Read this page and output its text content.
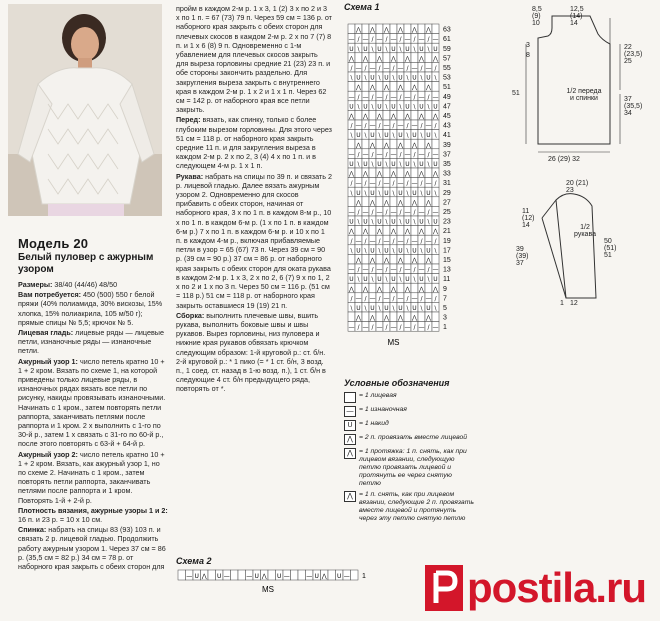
Модель 20
Белый пуловер с ажурным узором

Размеры: 38/40 (44/46) 48/50

Вам потребуется: 450 (500) 550 г белой пряжи (40% полиамида, 30% вискозы, 15% хлопка, 15% полиакрила, 105 м/50 г); прямые спицы № 5,5; крючок № 5.

Лицевая гладь: лицевые ряды — лицевые петли, изнаночные ряды — изнаночные петли.

Ажурный узор 1: число петель кратно 10 + 1 + 2 кром. Вязать по схеме 1, на которой приведены только лицевые ряды, в изнаночных рядах вязать все петли по рисунку, накиды провязывать изнаночными. Начинать с 1 кром., затем повторять петли раппорта, заканчивать петлями после раппорта и 1 кром. 2 х выполнить с 1-го по 30-й р., затем 1 х связать с 31-го по 60-й р., после этого повторять с 63-й + 64-й р.

Ажурный узор 2: число петель кратно 10 + 1 + 2 кром. Вязать, как ажурный узор 1, но по схеме 2. Начинать с 1 кром., затем повторять петли раппорта, заканчивать петлями после раппорта и 1 кром. Повторять 1-й + 2-й р.

Плотность вязания, ажурные узоры 1 и 2: 16 п. и 23 р. = 10 х 10 см.

Спинка: набрать на спицы 83 (93) 103 п. и связать 2 р. лицевой гладью. Продолжить работу ажурным узором 1. Через 37 см = 86 р. (35,5 см = 82 р.) 34 см = 78 р. от наборного края закрыть с обеих сторон для

пройм в каждом 2-м р. 1 х 3, 1 (2) 3 х по 2 и 3 х по 1 п. = 67 (73) 79 п. Через 59 см = 136 р. от наборного края закрыть с обеих сторон для плечевых скосов в каждом 2-м р. 2 х по 7 (7) 8 п. и 1 х 6 (8) 9 п. Одновременно с 1-м убавлением для плечевых скосов закрыть для выреза горловины средние 21 (23) 23 п. и обе стороны закончить раздельно. Для закругления выреза закрыть с внутреннего края в каждом 2-м р. 1 х 2 и 1 х 1 п. Через 62 см = 142 р. от наборного края все петли закрыть.

Перед: вязать, как спинку, только с более глубоким вырезом горловины. Для этого через 51 см = 118 р. от наборного края закрыть средние 11 п. и для закругления выреза в каждом 2-м р. 2 х по 2, 3 (4) 4 х по 1 п. и в следующем 4-м р. 1 х 1 п.

Рукава: набрать на спицы по 39 п. и связать 2 р. лицевой гладью. Далее вязать ажурным узором 2. Одновременно для скосов прибавить с обеих сторон, начиная от наборного края, 3 х по 1 п. в каждом 8-м р., 10 х по 1 п. в каждом 6-м р. (1 х по 1 п. в каждом 6-м р.) 7 х по 1 п. в каждом 6-м р. и 10 х по 1 п. в каждом 4-м р., включая прибавляемые петли в узор = 65 (67) 73 п. Через 39 см = 90 р. (39 см = 90 р.) 37 см = 86 р. от наборного края закрыть с обеих сторон для оката рукава в каждом 2-м р. 1 х 3, 2 х по 2, 6 (7) 9 х по 1, 2 х по 2 и 1 х по 3 п. Через 50 см = 116 р. (51 см = 118 р.) 51 см = 118 р. от наборного края закрыть оставшиеся 19 (19) 21 п.

Сборка: выполнить плечевые швы, вшить рукава, выполнить боковые швы и швы рукавов. Вырез горловины, низ пуловера и нижние края рукавов обвязать крючком следующим образом: 1-й круговой р.: ст. б/н. 2-й круговой р.: * 1 пико (= * 1 ст. б/н, 3 возд. п., 1 соед. ст. назад в 1-ю возд. п.), 1 ст. б/н в следующие 4 ст. б/н предыдущего ряда, повторять от *.

Схема 2
— U ⋀ U —	— U ⋀ U —	— U ⋀ U — 1
MS
Схема 1
⋀ ⋀ ⋀ ⋀ ⋀ ⋀ 63
— / — / — / — / — / — / — 61
U \ U \ U \ U \ U \ U \ U 59
⋀ ⋀ ⋀ ⋀ ⋀ ⋀ ⋀ 57
/ — / — / — / — / — / — / 55
\ U \ U \ U \ U \ U \ U \ 53
⋀ ⋀ ⋀ ⋀ ⋀ ⋀ 51
— / — / — / — / — / — / — 49
U \ U \ U \ U \ U \ U \ U 47
⋀ ⋀ ⋀ ⋀ ⋀ ⋀ ⋀ 45
/ — / — / — / — / — / — / 43
\ U \ U \ U \ U \ U \ U \ 41
⋀ ⋀ ⋀ ⋀ ⋀ ⋀ 39
— / — / — / — / — / — / — 37
U \ U \ U \ U \ U \ U \ U 35
⋀ ⋀ ⋀ ⋀ ⋀ ⋀ ⋀ 33
/ — / — / — / — / — / — / 31
\ U \ U \ U \ U \ U \ U \ 29
⋀ ⋀ ⋀ ⋀ ⋀ ⋀ 27
— / — / — / — / — / — / — 25
U \ U \ U \ U \ U \ U \ U 23
⋀ ⋀ ⋀ ⋀ ⋀ ⋀ ⋀ 21
/ — / — / — / — / — / — / 19
\ U \ U \ U \ U \ U \ U \ 17
⋀ ⋀ ⋀ ⋀ ⋀ ⋀ 15
— / — / — / — / — / — / — 13
U \ U \ U \ U \ U \ U \ U 11
⋀ ⋀ ⋀ ⋀ ⋀ ⋀ ⋀ 9
/ — / — / — / — / — / — / 7
\ U \ U \ U \ U \ U \ U \ 5
⋀ ⋀ ⋀ ⋀ ⋀ ⋀ 3
— / — / — / — / — / — / — 1
MS
Условные обозначения
= 1 лицевая
— = 1 изнаночная
U = 1 накид
⋀ = 2 п. провязать вместе лицевой
⋀ = 1 протяжка: 1 п. снять, как при лицевом вязании, следующую петлю провязать лицевой и протянуть ее через снятую петлю
⋀ = 1 п. снять, как при лицевом вязании, следующие 2 п. провязать вместе лицевой и протянуть через эту петлю снятую петлю
8,5
(9)
10
12,5
(14)
14
3
8
51
22
(23,5)
25
37
(35,5)
34
1/2 переда и спинки
26 (29) 32
20 (21)
23
11
(12)
14
39
(39)
37
50
(51)
51
1/2 рукава
12
1
postila.ru
